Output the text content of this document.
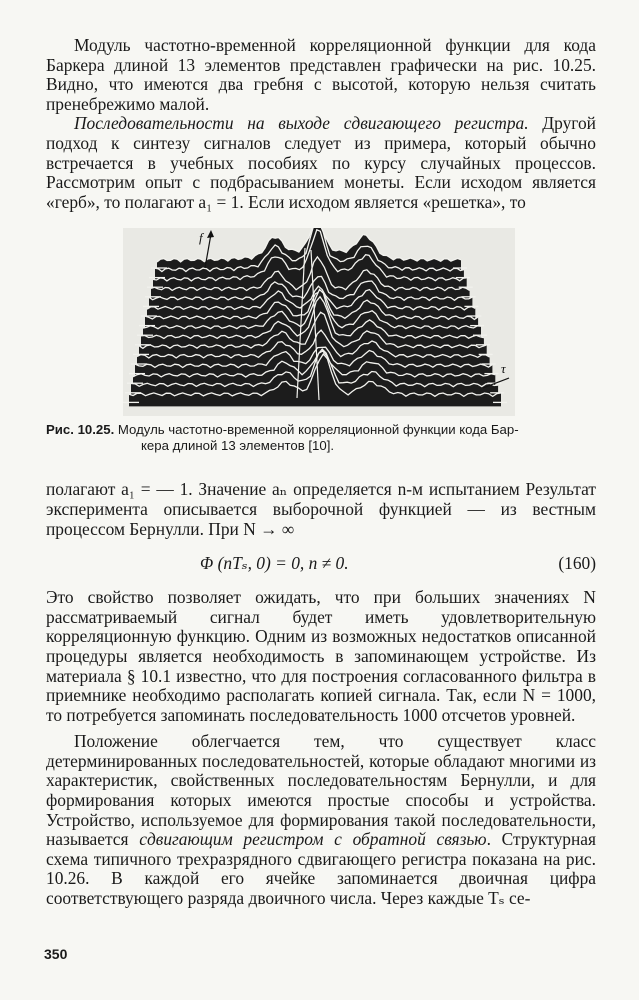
Модуль частотно-временной корреляционной функции для кода Баркера длиной 13 элементов представлен графически на рис. 10.25. Видно, что имеются два гребня с высотой, которую нельзя считать пренебрежимо малой.

Последовательности на выходе сдвигающего регистра. Другой подход к синтезу сигналов следует из примера, который обычно встречается в учебных пособиях по курсу случайных процессов. Рассмотрим опыт с подбрасыванием монеты. Если исходом является «герб», то полагают a₁ = 1. Если исходом является «решетка», то

f
τ
Рис. 10.25. Модуль частотно-временной корреляционной функции кода Бар-
кера длиной 13 элементов [10].

полагают a₁ = — 1. Значение aₙ определяется n-м испытанием Результат эксперимента описывается выборочной функцией — из вестным процессом Бернулли. При N → ∞

Φ (nTₛ, 0) = 0, n ≠ 0.	(160)

Это свойство позволяет ожидать, что при больших значениях N рассматриваемый сигнал будет иметь удовлетворительную корреляционную функцию. Одним из возможных недостатков описанной процедуры является необходимость в запоминающем устройстве. Из материала § 10.1 известно, что для построения согласованного фильтра в приемнике необходимо располагать копией сигнала. Так, если N = 1000, то потребуется запоминать последовательность 1000 отсчетов уровней.

Положение облегчается тем, что существует класс детерминированных последовательностей, которые обладают многими из характеристик, свойственных последовательностям Бернулли, и для формирования которых имеются простые способы и устройства. Устройство, используемое для формирования такой последовательности, называется сдвигающим регистром с обратной связью. Структурная схема типичного трехразрядного сдвигающего регистра показана на рис. 10.26. В каждой его ячейке запоминается двоичная цифра соответствующего разряда двоичного числа. Через каждые Tₛ се-

350
